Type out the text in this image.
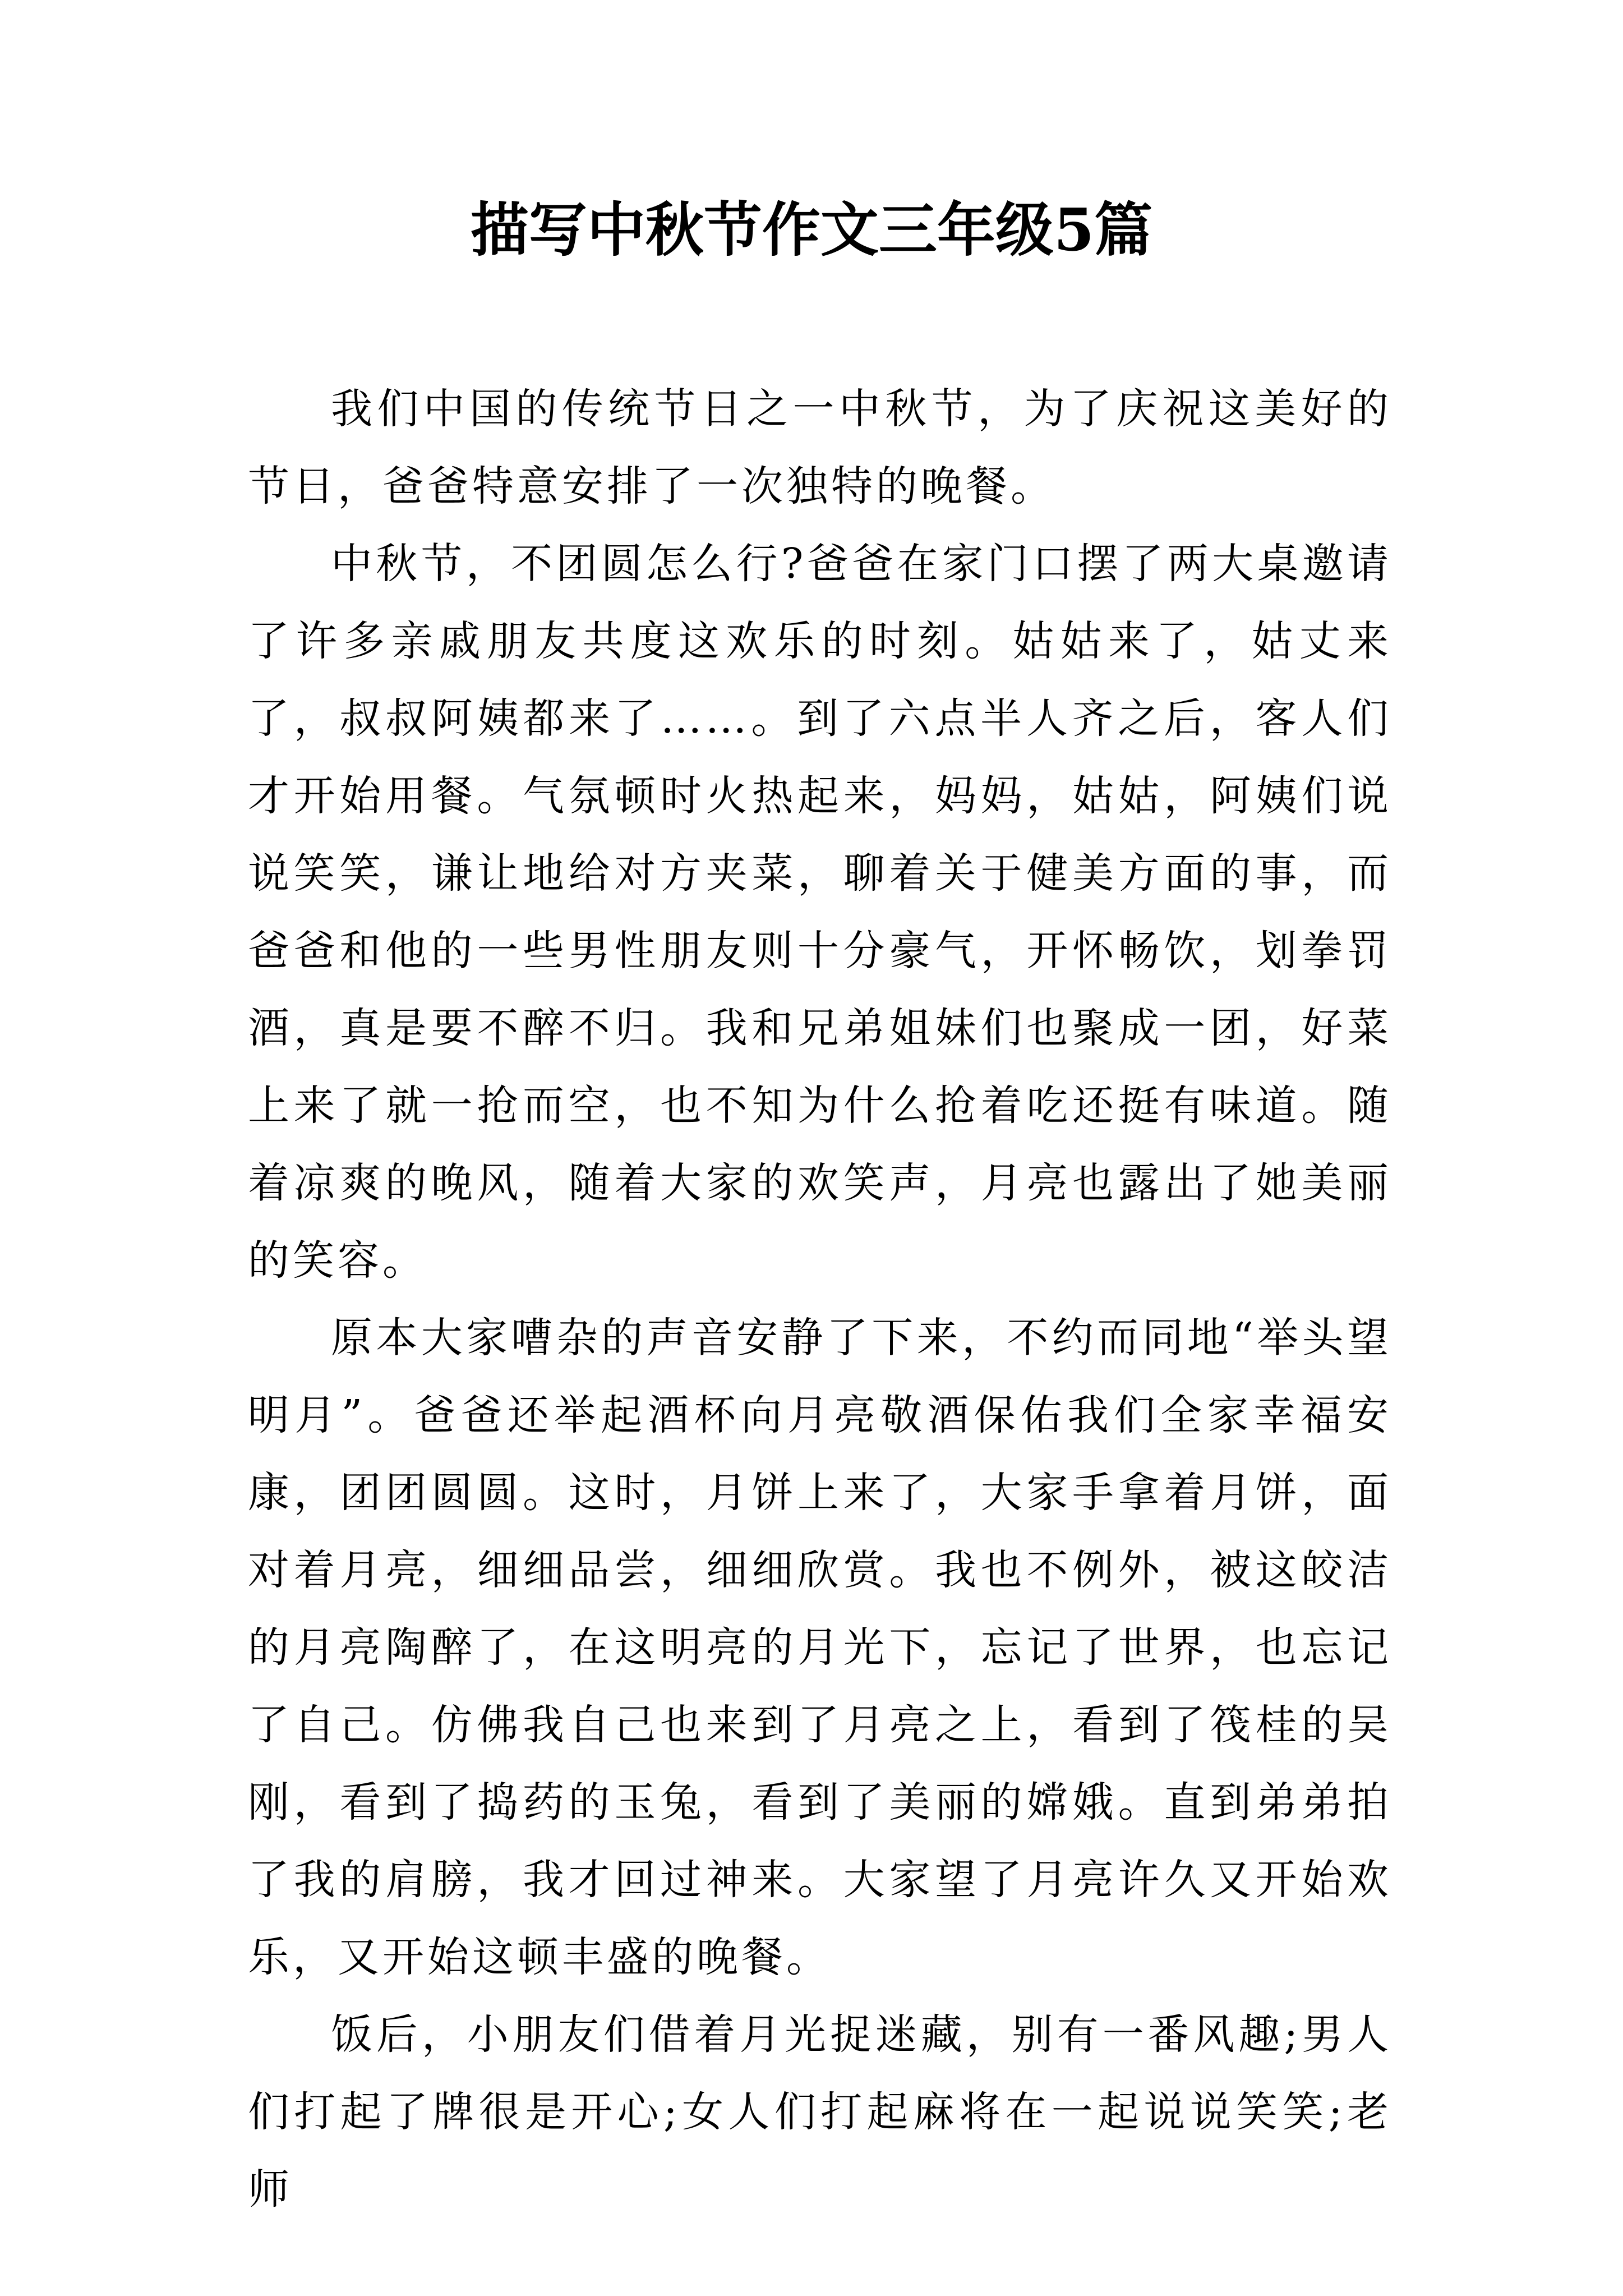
描写中秋节作文三年级5篇

我们中国的传统节日之一中秋节，为了庆祝这美好的节日，爸爸特意安排了一次独特的晚餐。

中秋节，不团圆怎么行?爸爸在家门口摆了两大桌邀请了许多亲戚朋友共度这欢乐的时刻。姑姑来了，姑丈来了，叔叔阿姨都来了……。到了六点半人齐之后，客人们才开始用餐。气氛顿时火热起来，妈妈，姑姑，阿姨们说说笑笑，谦让地给对方夹菜，聊着关于健美方面的事，而爸爸和他的一些男性朋友则十分豪气，开怀畅饮，划拳罚酒，真是要不醉不归。我和兄弟姐妹们也聚成一团，好菜上来了就一抢而空，也不知为什么抢着吃还挺有味道。随着凉爽的晚风，随着大家的欢笑声，月亮也露出了她美丽的笑容。

原本大家嘈杂的声音安静了下来，不约而同地“举头望明月”。爸爸还举起酒杯向月亮敬酒保佑我们全家幸福安康，团团圆圆。这时，月饼上来了，大家手拿着月饼，面对着月亮，细细品尝，细细欣赏。我也不例外，被这皎洁的月亮陶醉了，在这明亮的月光下，忘记了世界，也忘记了自己。仿佛我自己也来到了月亮之上，看到了筏桂的吴刚，看到了捣药的玉兔，看到了美丽的嫦娥。直到弟弟拍了我的肩膀，我才回过神来。大家望了月亮许久又开始欢乐，又开始这顿丰盛的晚餐。

饭后，小朋友们借着月光捉迷藏，别有一番风趣;男人们打起了牌很是开心;女人们打起麻将在一起说说笑笑;老师
